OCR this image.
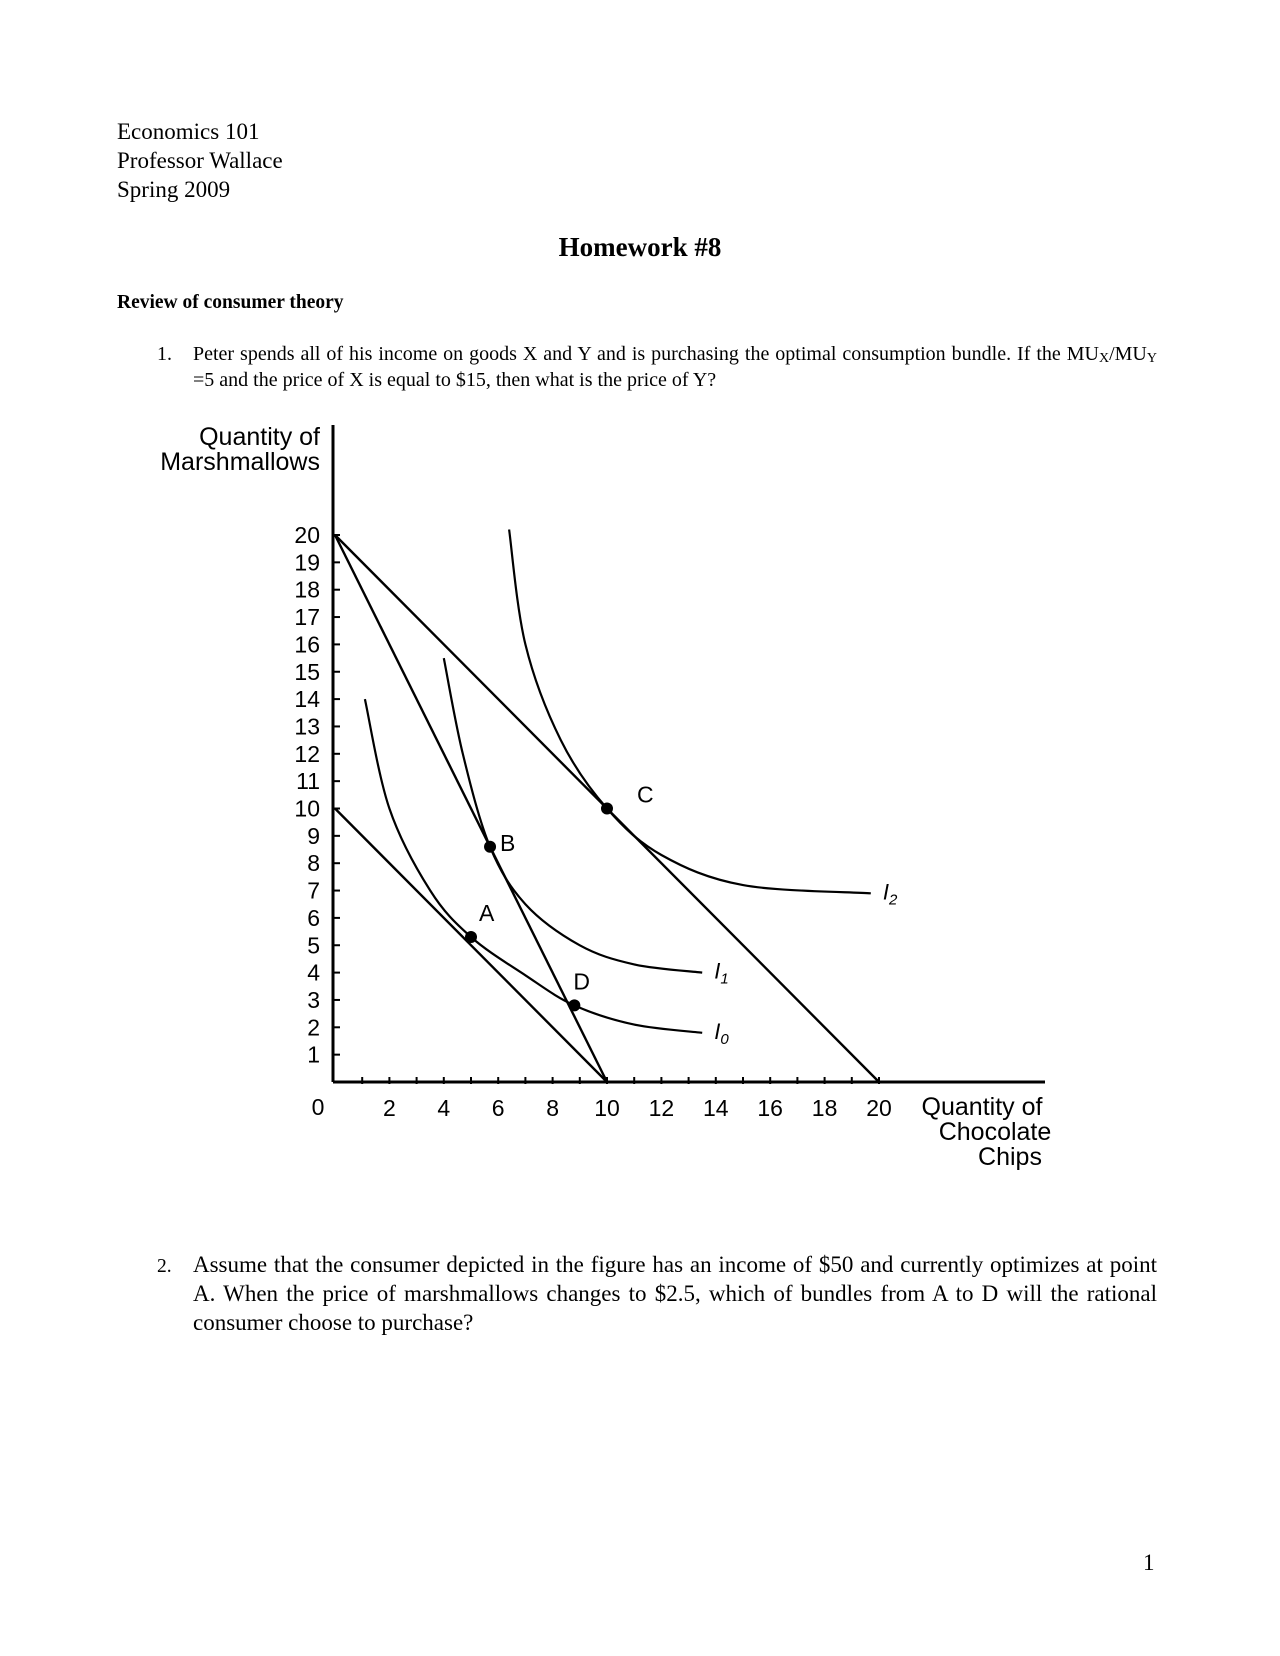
Economics 101
Professor Wallace
Spring 2009
Homework #8
Review of consumer theory
1. Peter spends all of his income on goods X and Y and is purchasing the optimal consumption bundle. If the $MU_X/MU_Y =5$ and the price of X is equal to $15, then what is the price of Y?
Quantity of
Marshmallows
0
1
2
3
4
5
6
7
8
9
10
11
12
13
14
15
16
17
18
19
20
2 4 6 8 10 12 14 16 18 20
$I_0$
$I_1$
$I_2$
A
B
C
D
Quantity of
Chocolate
Chips
2. Assume that the consumer depicted in the figure has an income of $50 and currently optimizes at point A. When the price of marshmallows changes to $2.5, which of bundles from A to D will the rational consumer choose to purchase?
1
